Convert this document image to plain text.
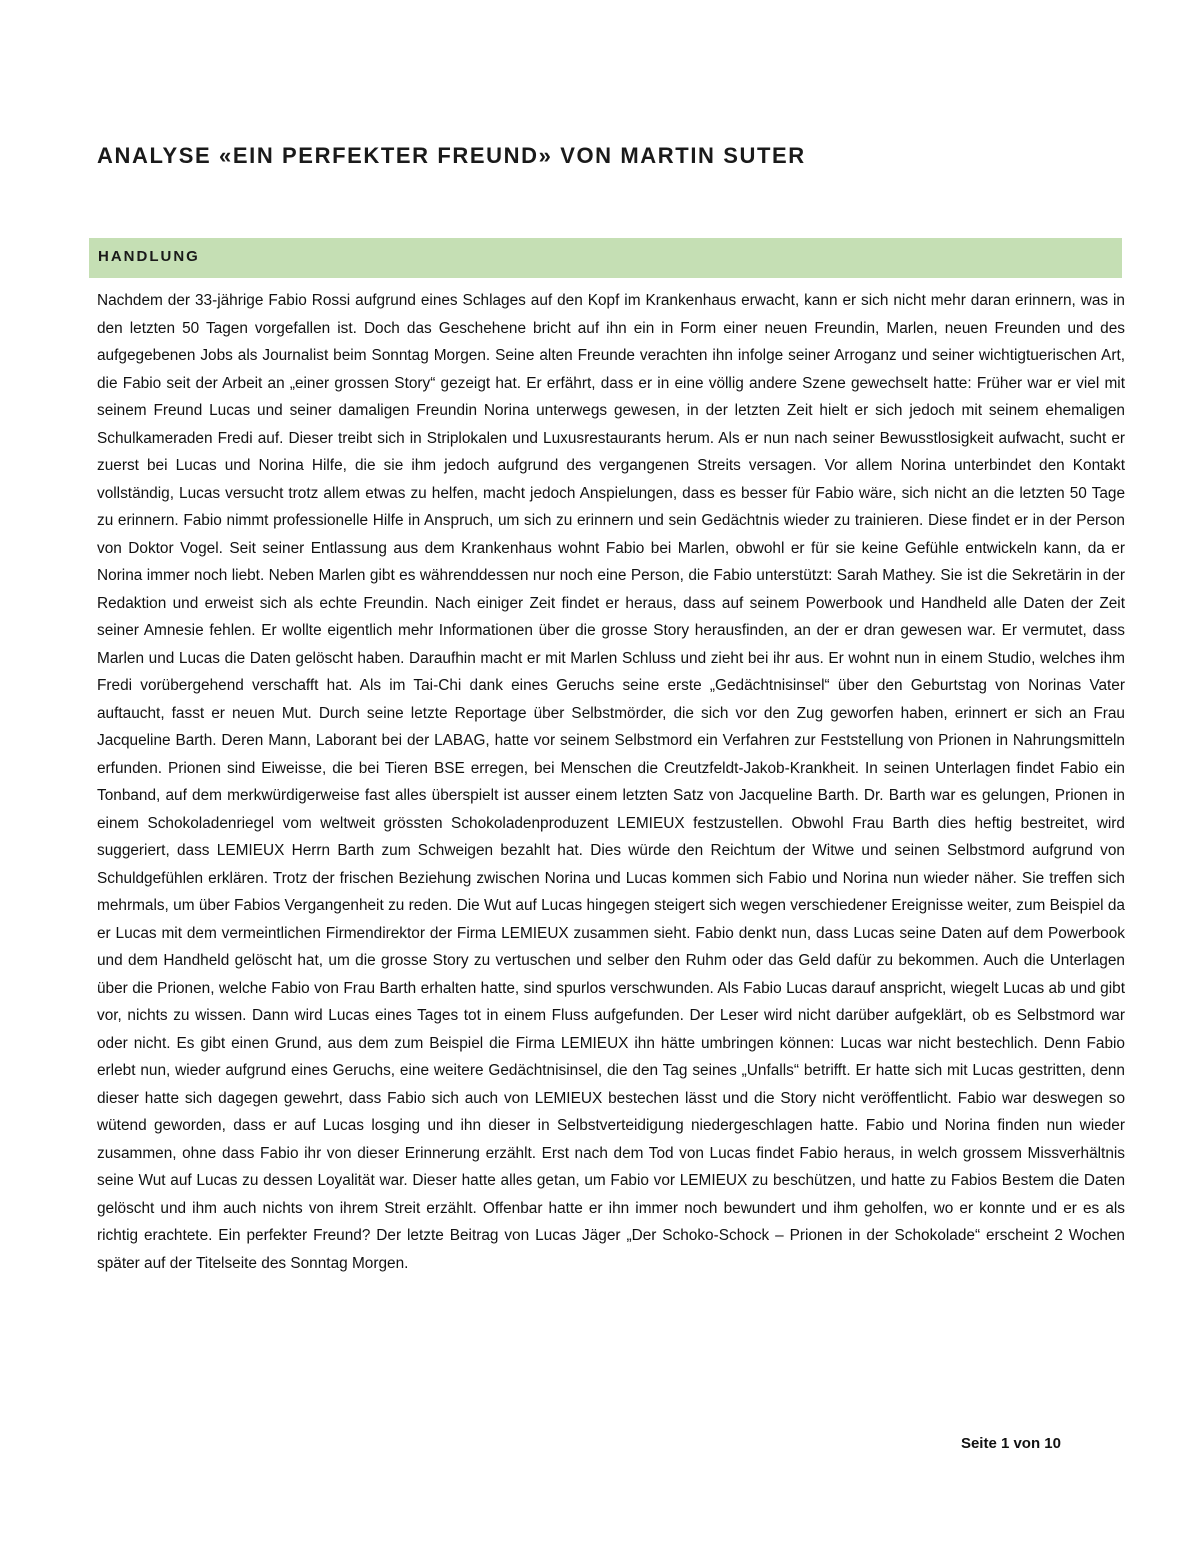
ANALYSE «EIN PERFEKTER FREUND» VON MARTIN SUTER
HANDLUNG

Nachdem der 33-jährige Fabio Rossi aufgrund eines Schlages auf den Kopf im Krankenhaus erwacht, kann er sich nicht mehr daran erinnern, was in den letzten 50 Tagen vorgefallen ist. Doch das Geschehene bricht auf ihn ein in Form einer neuen Freundin, Marlen, neuen Freunden und des aufgegebenen Jobs als Journalist beim Sonntag Morgen. Seine alten Freunde verachten ihn infolge seiner Arroganz und seiner wichtigtuerischen Art, die Fabio seit der Arbeit an „einer grossen Story“ gezeigt hat. Er erfährt, dass er in eine völlig andere Szene gewechselt hatte: Früher war er viel mit seinem Freund Lucas und seiner damaligen Freundin Norina unterwegs gewesen, in der letzten Zeit hielt er sich jedoch mit seinem ehemaligen Schulkameraden Fredi auf. Dieser treibt sich in Striplokalen und Luxusrestaurants herum. Als er nun nach seiner Bewusstlosigkeit aufwacht, sucht er zuerst bei Lucas und Norina Hilfe, die sie ihm jedoch aufgrund des vergangenen Streits versagen. Vor allem Norina unterbindet den Kontakt vollständig, Lucas versucht trotz allem etwas zu helfen, macht jedoch Anspielungen, dass es besser für Fabio wäre, sich nicht an die letzten 50 Tage zu erinnern. Fabio nimmt professionelle Hilfe in Anspruch, um sich zu erinnern und sein Gedächtnis wieder zu trainieren. Diese findet er in der Person von Doktor Vogel. Seit seiner Entlassung aus dem Krankenhaus wohnt Fabio bei Marlen, obwohl er für sie keine Gefühle entwickeln kann, da er Norina immer noch liebt. Neben Marlen gibt es währenddessen nur noch eine Person, die Fabio unterstützt: Sarah Mathey. Sie ist die Sekretärin in der Redaktion und erweist sich als echte Freundin. Nach einiger Zeit findet er heraus, dass auf seinem Powerbook und Handheld alle Daten der Zeit seiner Amnesie fehlen. Er wollte eigentlich mehr Informationen über die grosse Story herausfinden, an der er dran gewesen war. Er vermutet, dass Marlen und Lucas die Daten gelöscht haben. Daraufhin macht er mit Marlen Schluss und zieht bei ihr aus. Er wohnt nun in einem Studio, welches ihm Fredi vorübergehend verschafft hat. Als im Tai-Chi dank eines Geruchs seine erste „Gedächtnisinsel“ über den Geburtstag von Norinas Vater auftaucht, fasst er neuen Mut. Durch seine letzte Reportage über Selbstmörder, die sich vor den Zug geworfen haben, erinnert er sich an Frau Jacqueline Barth. Deren Mann, Laborant bei der LABAG, hatte vor seinem Selbstmord ein Verfahren zur Feststellung von Prionen in Nahrungsmitteln erfunden. Prionen sind Eiweisse, die bei Tieren BSE erregen, bei Menschen die Creutzfeldt-Jakob-Krankheit. In seinen Unterlagen findet Fabio ein Tonband, auf dem merkwürdigerweise fast alles überspielt ist ausser einem letzten Satz von Jacqueline Barth. Dr. Barth war es gelungen, Prionen in einem Schokoladenriegel vom weltweit grössten Schokoladenproduzent LEMIEUX festzustellen. Obwohl Frau Barth dies heftig bestreitet, wird suggeriert, dass LEMIEUX Herrn Barth zum Schweigen bezahlt hat. Dies würde den Reichtum der Witwe und seinen Selbstmord aufgrund von Schuldgefühlen erklären. Trotz der frischen Beziehung zwischen Norina und Lucas kommen sich Fabio und Norina nun wieder näher. Sie treffen sich mehrmals, um über Fabios Vergangenheit zu reden. Die Wut auf Lucas hingegen steigert sich wegen verschiedener Ereignisse weiter, zum Beispiel da er Lucas mit dem vermeintlichen Firmendirektor der Firma LEMIEUX zusammen sieht. Fabio denkt nun, dass Lucas seine Daten auf dem Powerbook und dem Handheld gelöscht hat, um die grosse Story zu vertuschen und selber den Ruhm oder das Geld dafür zu bekommen. Auch die Unterlagen über die Prionen, welche Fabio von Frau Barth erhalten hatte, sind spurlos verschwunden. Als Fabio Lucas darauf anspricht, wiegelt Lucas ab und gibt vor, nichts zu wissen. Dann wird Lucas eines Tages tot in einem Fluss aufgefunden. Der Leser wird nicht darüber aufgeklärt, ob es Selbstmord war oder nicht. Es gibt einen Grund, aus dem zum Beispiel die Firma LEMIEUX ihn hätte umbringen können: Lucas war nicht bestechlich. Denn Fabio erlebt nun, wieder aufgrund eines Geruchs, eine weitere Gedächtnisinsel, die den Tag seines „Unfalls“ betrifft. Er hatte sich mit Lucas gestritten, denn dieser hatte sich dagegen gewehrt, dass Fabio sich auch von LEMIEUX bestechen lässt und die Story nicht veröffentlicht. Fabio war deswegen so wütend geworden, dass er auf Lucas losging und ihn dieser in Selbstverteidigung niedergeschlagen hatte. Fabio und Norina finden nun wieder zusammen, ohne dass Fabio ihr von dieser Erinnerung erzählt. Erst nach dem Tod von Lucas findet Fabio heraus, in welch grossem Missverhältnis seine Wut auf Lucas zu dessen Loyalität war. Dieser hatte alles getan, um Fabio vor LEMIEUX zu beschützen, und hatte zu Fabios Bestem die Daten gelöscht und ihm auch nichts von ihrem Streit erzählt. Offenbar hatte er ihn immer noch bewundert und ihm geholfen, wo er konnte und er es als richtig erachtete. Ein perfekter Freund? Der letzte Beitrag von Lucas Jäger „Der Schoko-Schock – Prionen in der Schokolade“ erscheint 2 Wochen später auf der Titelseite des Sonntag Morgen.

Seite 1 von 10
